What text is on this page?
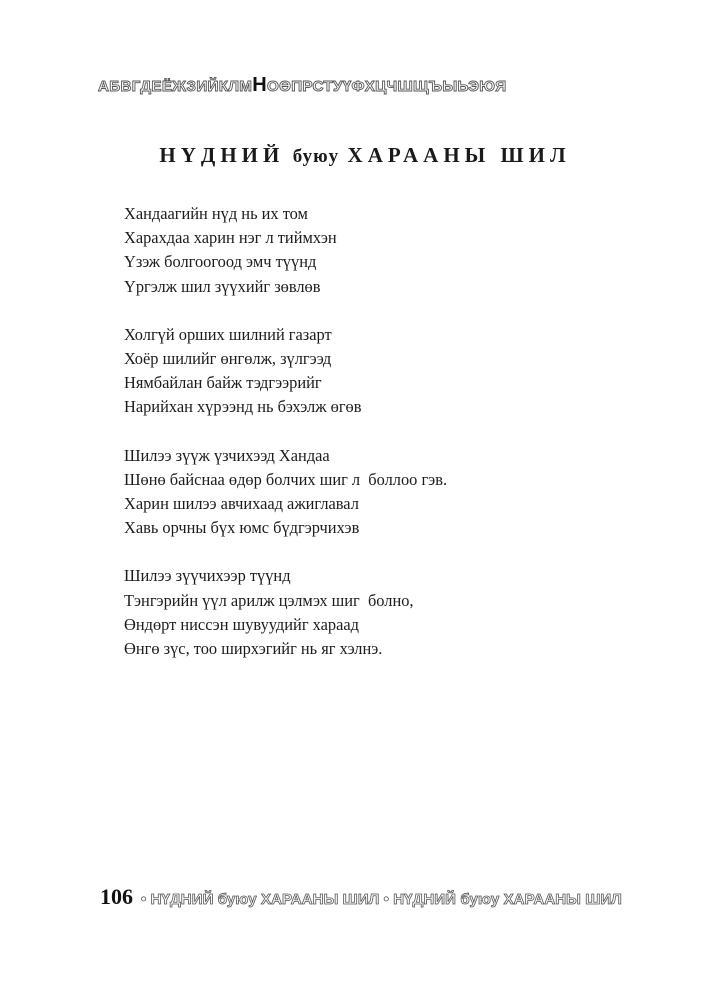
АБВГДЕЁЖЗИЙКЛМНОӨПРСТУҮФХЦЧШЩЪЫЬЭЮЯ
НҮДНИЙ буюу ХАРААНЫ ШИЛ
Хандаагийн нүд нь их том
Харахдаа харин нэг л тиймхэн
Үзэж болгоогоод эмч түүнд
Үргэлж шил зүүхийг зөвлөв
Холгүй орших шилний газарт
Хоёр шилийг өнгөлж, зүлгээд
Нямбайлан байж тэдгээрийг
Нарийхан хүрээнд нь бэхэлж өгөв
Шилээ зүүж үзчихээд Хандаа
Шөнө байснаа өдөр болчих шиг л  боллоо гэв.
Харин шилээ авчихаад ажиглавал
Хавь орчны бүх юмс бүдгэрчихэв
Шилээ зүүчихээр түүнд
Тэнгэрийн үүл арилж цэлмэх шиг  болно,
Өндөрт ниссэн шувуудийг хараад
Өнгө зүс, тоо ширхэгийг нь яг хэлнэ.
106 • НҮДНИЙ буюу ХАРААНЫ ШИЛ • НҮДНИЙ буюу ХАРААНЫ ШИЛ
